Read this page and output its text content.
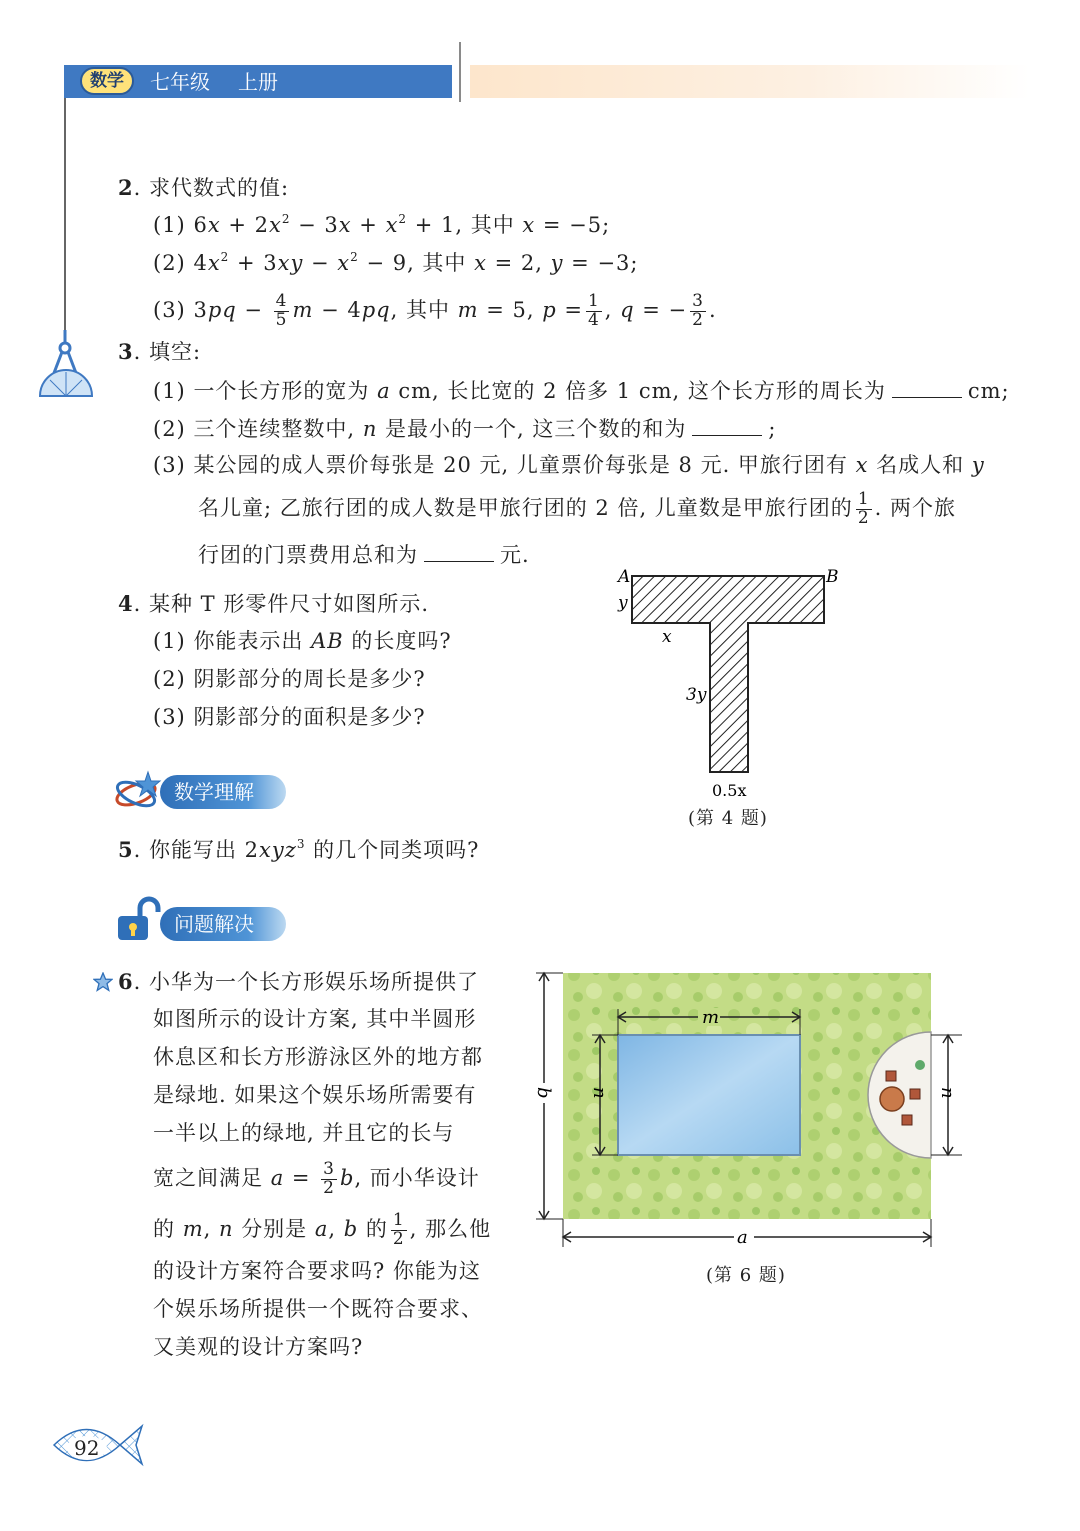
数学	七年级 上册
2. 求代数式的值:
(1) $6x + 2x^2 - 3x + x^2 + 1$, 其中 x = −5;
(2) $4x^2 + 3xy - x^2 - 9$, 其中 x = 2, y = −3;
(3) $3pq - \frac{4}{5}$ m − 4pq, 其中 m = 5, $p = \frac{1}{4}$ , q = − $\frac{3}{2}$ .
3. 填空:
(1) 一个长方形的宽为 a cm, 长比宽的 2 倍多 1 cm, 这个长方形的周长为	cm;
(2) 三个连续整数中, n 是最小的一个, 这三个数的和为	;
(3) 某公园的成人票价每张是 20 元, 儿童票价每张是 8 元. 甲旅行团有 x 名成人和 y
名儿童; 乙旅行团的成人数是甲旅行团的 2 倍, 儿童数是甲旅行团的 $\frac{1}{2}$ . 两个旅
行团的门票费用总和为	元.
4. 某种 T 形零件尺寸如图所示.
(1) 你能表示出 AB 的长度吗?
(2) 阴影部分的周长是多少?
(3) 阴影部分的面积是多少?
A	B
y
x
3y
0.5x
(第 4 题)
数学理解
5. 你能写出 2xyz$^3$ 的几个同类项吗?
问题解决
6. 小华为一个长方形娱乐场所提供了
如图所示的设计方案, 其中半圆形
休息区和长方形游泳区外的地方都
是绿地. 如果这个娱乐场所需要有
一半以上的绿地, 并且它的长与
宽之间满足 $a = \frac{3}{2} b$, 而小华设计
的 m, n 分别是 a, b 的 $\frac{1}{2}$ , 那么他
的设计方案符合要求吗? 你能为这
个娱乐场所提供一个既符合要求、
又美观的设计方案吗?
m
n	n
b
a
(第 6 题)
92
